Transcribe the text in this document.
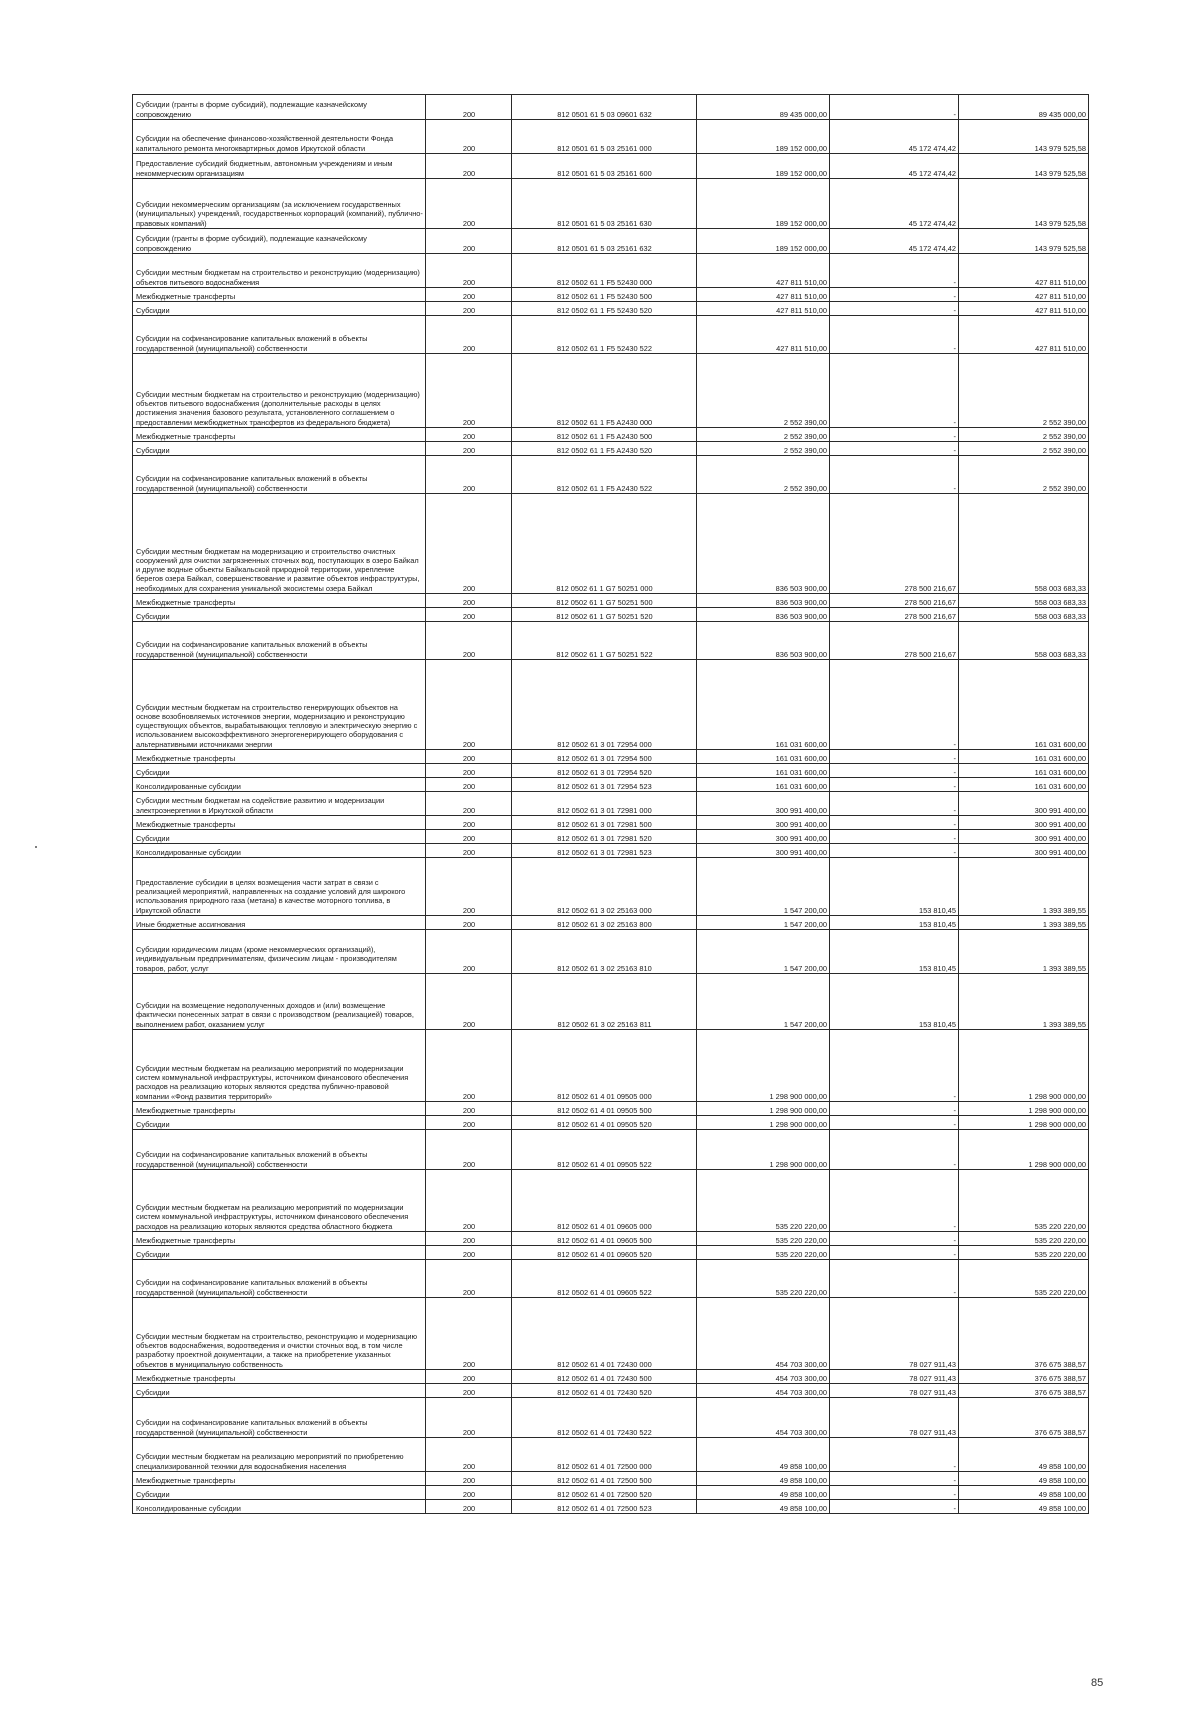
Субсидии (гранты в форме субсидий), подлежащие казначейскому сопровождению	200	812 0501 61 5 03 09601 632	89 435 000,00	-	89 435 000,00
Субсидии на обеспечение финансово-хозяйственной деятельности Фонда капитального ремонта многоквартирных домов Иркутской области	200	812 0501 61 5 03 25161 000	189 152 000,00	45 172 474,42	143 979 525,58
Предоставление субсидий бюджетным, автономным учреждениям и иным некоммерческим организациям	200	812 0501 61 5 03 25161 600	189 152 000,00	45 172 474,42	143 979 525,58
Субсидии некоммерческим организациям (за исключением государственных (муниципальных) учреждений, государственных корпораций (компаний), публично-правовых компаний)	200	812 0501 61 5 03 25161 630	189 152 000,00	45 172 474,42	143 979 525,58
Субсидии (гранты в форме субсидий), подлежащие казначейскому сопровождению	200	812 0501 61 5 03 25161 632	189 152 000,00	45 172 474,42	143 979 525,58
Субсидии местным бюджетам на строительство и реконструкцию (модернизацию) объектов питьевого водоснабжения	200	812 0502 61 1 F5 52430 000	427 811 510,00	-	427 811 510,00
Межбюджетные трансферты	200	812 0502 61 1 F5 52430 500	427 811 510,00	-	427 811 510,00
Субсидии	200	812 0502 61 1 F5 52430 520	427 811 510,00	-	427 811 510,00
Субсидии на софинансирование капитальных вложений в объекты государственной (муниципальной) собственности	200	812 0502 61 1 F5 52430 522	427 811 510,00	-	427 811 510,00
Субсидии местным бюджетам на строительство и реконструкцию (модернизацию) объектов питьевого водоснабжения (дополнительные расходы в целях достижения значения базового результата, установленного соглашением о предоставлении межбюджетных трансфертов из федерального бюджета)	200	812 0502 61 1 F5 A2430 000	2 552 390,00	-	2 552 390,00
Межбюджетные трансферты	200	812 0502 61 1 F5 A2430 500	2 552 390,00	-	2 552 390,00
Субсидии	200	812 0502 61 1 F5 A2430 520	2 552 390,00	-	2 552 390,00
Субсидии на софинансирование капитальных вложений в объекты государственной (муниципальной) собственности	200	812 0502 61 1 F5 A2430 522	2 552 390,00	-	2 552 390,00
Субсидии местным бюджетам на модернизацию и строительство очистных сооружений для очистки загрязненных сточных вод, поступающих в озеро Байкал и другие водные объекты Байкальской природной территории, укрепление берегов озера Байкал, совершенствование и развитие объектов инфраструктуры, необходимых для сохранения уникальной экосистемы озера Байкал	200	812 0502 61 1 G7 50251 000	836 503 900,00	278 500 216,67	558 003 683,33
Межбюджетные трансферты	200	812 0502 61 1 G7 50251 500	836 503 900,00	278 500 216,67	558 003 683,33
Субсидии	200	812 0502 61 1 G7 50251 520	836 503 900,00	278 500 216,67	558 003 683,33
Субсидии на софинансирование капитальных вложений в объекты государственной (муниципальной) собственности	200	812 0502 61 1 G7 50251 522	836 503 900,00	278 500 216,67	558 003 683,33
Субсидии местным бюджетам на строительство генерирующих объектов на основе возобновляемых источников энергии, модернизацию и реконструкцию существующих объектов, вырабатывающих тепловую и электрическую энергию с использованием высокоэффективного энергогенерирующего оборудования с альтернативными источниками энергии	200	812 0502 61 3 01 72954 000	161 031 600,00	-	161 031 600,00
Межбюджетные трансферты	200	812 0502 61 3 01 72954 500	161 031 600,00	-	161 031 600,00
Субсидии	200	812 0502 61 3 01 72954 520	161 031 600,00	-	161 031 600,00
Консолидированные субсидии	200	812 0502 61 3 01 72954 523	161 031 600,00	-	161 031 600,00
Субсидии местным бюджетам на содействие развитию и модернизации электроэнергетики в Иркутской области	200	812 0502 61 3 01 72981 000	300 991 400,00	-	300 991 400,00
Межбюджетные трансферты	200	812 0502 61 3 01 72981 500	300 991 400,00	-	300 991 400,00
Субсидии	200	812 0502 61 3 01 72981 520	300 991 400,00	-	300 991 400,00
Консолидированные субсидии	200	812 0502 61 3 01 72981 523	300 991 400,00	-	300 991 400,00
Предоставление субсидии в целях возмещения части затрат в связи с реализацией мероприятий, направленных на создание условий для широкого использования природного газа (метана) в качестве моторного топлива, в Иркутской области	200	812 0502 61 3 02 25163 000	1 547 200,00	153 810,45	1 393 389,55
Иные бюджетные ассигнования	200	812 0502 61 3 02 25163 800	1 547 200,00	153 810,45	1 393 389,55
Субсидии юридическим лицам (кроме некоммерческих организаций), индивидуальным предпринимателям, физическим лицам - производителям товаров, работ, услуг	200	812 0502 61 3 02 25163 810	1 547 200,00	153 810,45	1 393 389,55
Субсидии на возмещение недополученных доходов и (или) возмещение фактически понесенных затрат в связи с производством (реализацией) товаров, выполнением работ, оказанием услуг	200	812 0502 61 3 02 25163 811	1 547 200,00	153 810,45	1 393 389,55
Субсидии местным бюджетам на реализацию мероприятий по модернизации систем коммунальной инфраструктуры, источником финансового обеспечения расходов на реализацию которых являются средства публично-правовой компании «Фонд развития территорий»	200	812 0502 61 4 01 09505 000	1 298 900 000,00	-	1 298 900 000,00
Межбюджетные трансферты	200	812 0502 61 4 01 09505 500	1 298 900 000,00	-	1 298 900 000,00
Субсидии	200	812 0502 61 4 01 09505 520	1 298 900 000,00	-	1 298 900 000,00
Субсидии на софинансирование капитальных вложений в объекты государственной (муниципальной) собственности	200	812 0502 61 4 01 09505 522	1 298 900 000,00	-	1 298 900 000,00
Субсидии местным бюджетам на реализацию мероприятий по модернизации систем коммунальной инфраструктуры, источником финансового обеспечения расходов на реализацию которых являются средства областного бюджета	200	812 0502 61 4 01 09605 000	535 220 220,00	-	535 220 220,00
Межбюджетные трансферты	200	812 0502 61 4 01 09605 500	535 220 220,00	-	535 220 220,00
Субсидии	200	812 0502 61 4 01 09605 520	535 220 220,00	-	535 220 220,00
Субсидии на софинансирование капитальных вложений в объекты государственной (муниципальной) собственности	200	812 0502 61 4 01 09605 522	535 220 220,00	-	535 220 220,00
Субсидии местным бюджетам на строительство, реконструкцию и модернизацию объектов водоснабжения, водоотведения и очистки сточных вод, в том числе разработку проектной документации, а также на приобретение указанных объектов в муниципальную собственность	200	812 0502 61 4 01 72430 000	454 703 300,00	78 027 911,43	376 675 388,57
Межбюджетные трансферты	200	812 0502 61 4 01 72430 500	454 703 300,00	78 027 911,43	376 675 388,57
Субсидии	200	812 0502 61 4 01 72430 520	454 703 300,00	78 027 911,43	376 675 388,57
Субсидии на софинансирование капитальных вложений в объекты государственной (муниципальной) собственности	200	812 0502 61 4 01 72430 522	454 703 300,00	78 027 911,43	376 675 388,57
Субсидии местным бюджетам на реализацию мероприятий по приобретению специализированной техники для водоснабжения населения	200	812 0502 61 4 01 72500 000	49 858 100,00	-	49 858 100,00
Межбюджетные трансферты	200	812 0502 61 4 01 72500 500	49 858 100,00	-	49 858 100,00
Субсидии	200	812 0502 61 4 01 72500 520	49 858 100,00	-	49 858 100,00
Консолидированные субсидии	200	812 0502 61 4 01 72500 523	49 858 100,00	-	49 858 100,00
85
